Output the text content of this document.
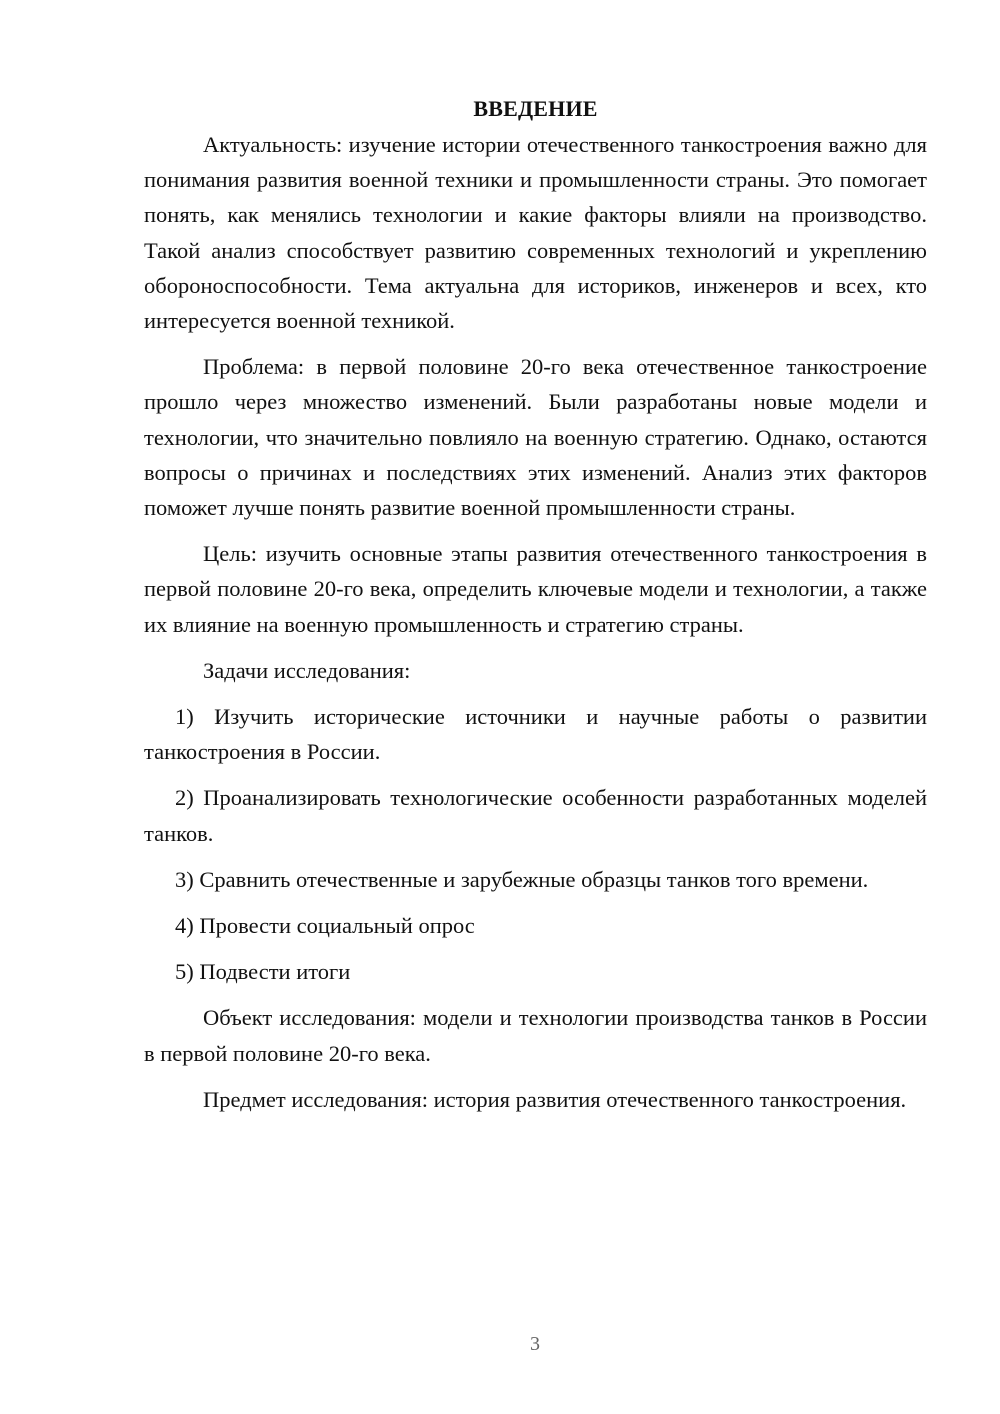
ВВЕДЕНИЕ

Актуальность: изучение истории отечественного танкостроения важно для понимания развития военной техники и промышленности страны. Это помогает понять, как менялись технологии и какие факторы влияли на производство. Такой анализ способствует развитию современных технологий и укреплению обороноспособности. Тема актуальна для историков, инженеров и всех, кто интересуется военной техникой.

Проблема: в первой половине 20-го века отечественное танкостроение прошло через множество изменений. Были разработаны новые модели и технологии, что значительно повлияло на военную стратегию. Однако, остаются вопросы о причинах и последствиях этих изменений. Анализ этих факторов поможет лучше понять развитие военной промышленности страны.

Цель: изучить основные этапы развития отечественного танкостроения в первой половине 20-го века, определить ключевые модели и технологии, а также их влияние на военную промышленность и стратегию страны.

Задачи исследования:

1) Изучить исторические источники и научные работы о развитии танкостроения в России.

2) Проанализировать технологические особенности разработанных моделей танков.

3) Сравнить отечественные и зарубежные образцы танков того времени.

4) Провести социальный опрос

5) Подвести итоги

Объект исследования: модели и технологии производства танков в России в первой половине 20-го века.

Предмет исследования: история развития отечественного танкостроения.

3
